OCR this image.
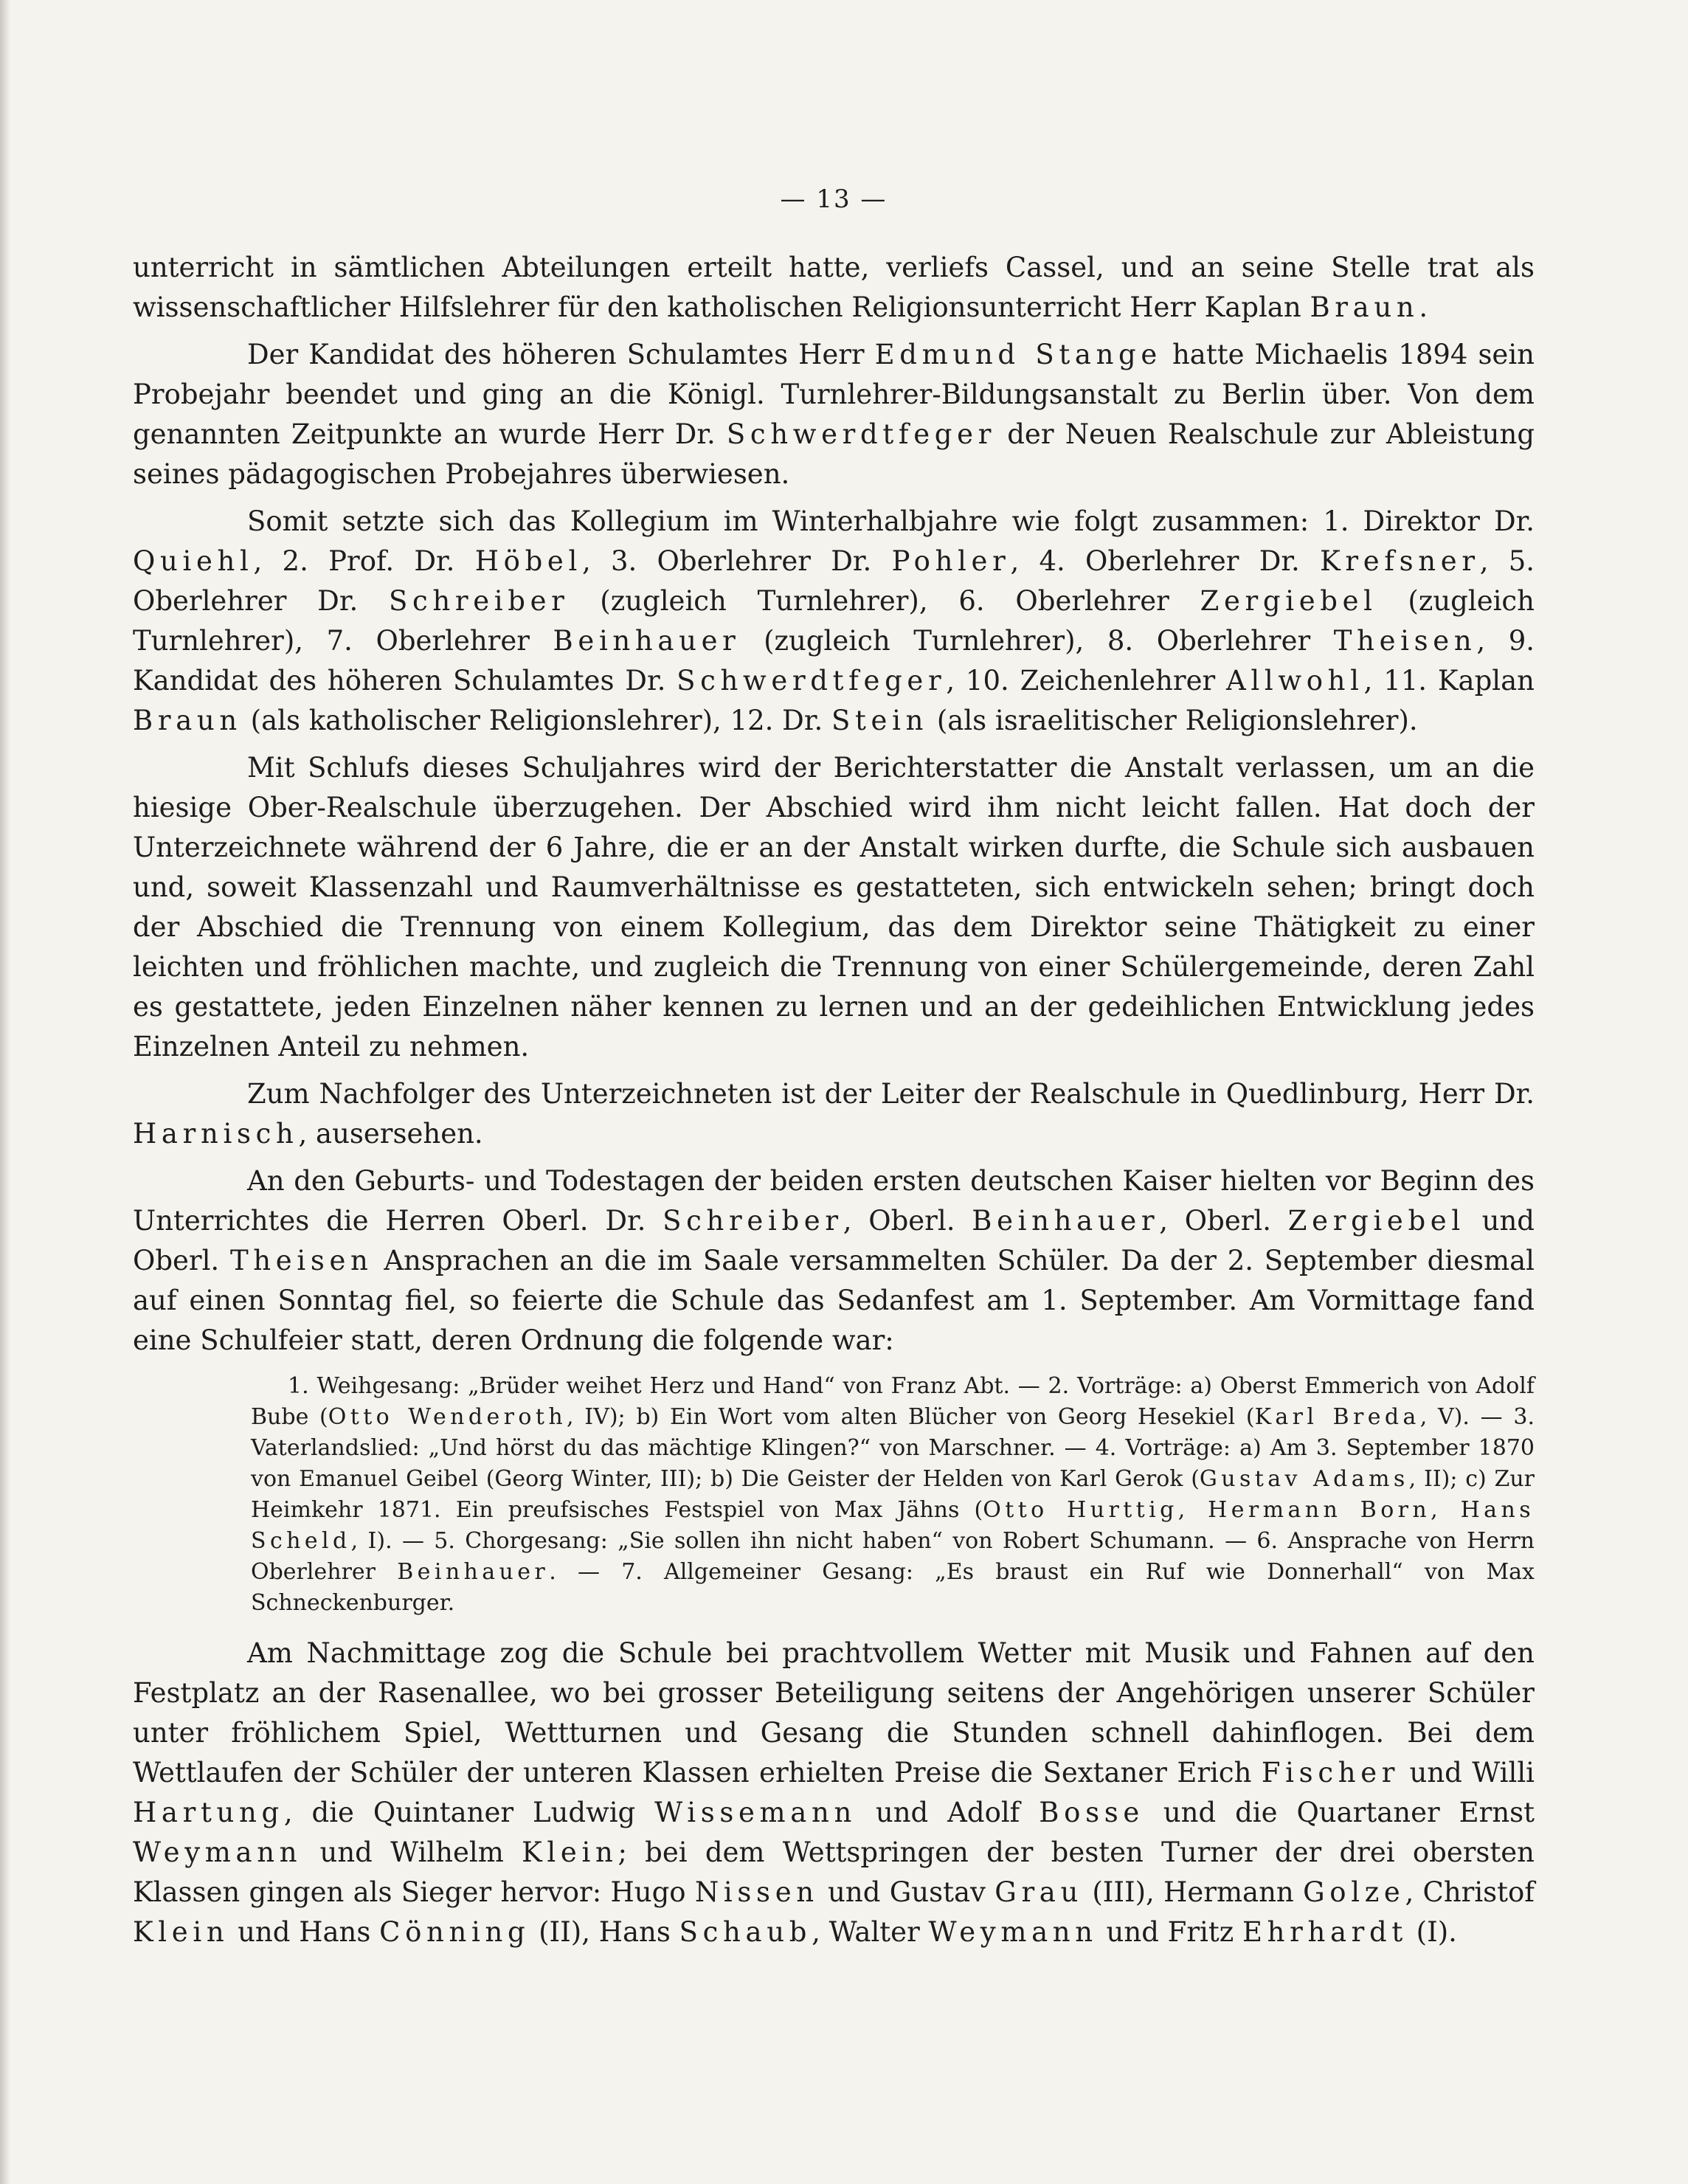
— 13 —

unterricht in sämtlichen Abteilungen erteilt hatte, verliefs Cassel, und an seine Stelle trat als wissenschaftlicher Hilfslehrer für den katholischen Religionsunterricht Herr Kaplan Braun.

Der Kandidat des höheren Schulamtes Herr Edmund Stange hatte Michaelis 1894 sein Probejahr beendet und ging an die Königl. Turnlehrer-Bildungsanstalt zu Berlin über. Von dem genannten Zeitpunkte an wurde Herr Dr. Schwerdtfeger der Neuen Realschule zur Ableistung seines pädagogischen Probejahres überwiesen.

Somit setzte sich das Kollegium im Winterhalbjahre wie folgt zusammen: 1. Direktor Dr. Quiehl, 2. Prof. Dr. Höbel, 3. Oberlehrer Dr. Pohler, 4. Oberlehrer Dr. Krefsner, 5. Oberlehrer Dr. Schreiber (zugleich Turnlehrer), 6. Oberlehrer Zergiebel (zugleich Turnlehrer), 7. Oberlehrer Beinhauer (zugleich Turnlehrer), 8. Oberlehrer Theisen, 9. Kandidat des höheren Schulamtes Dr. Schwerdtfeger, 10. Zeichenlehrer Allwohl, 11. Kaplan Braun (als katholischer Religionslehrer), 12. Dr. Stein (als israelitischer Religionslehrer).

Mit Schlufs dieses Schuljahres wird der Berichterstatter die Anstalt verlassen, um an die hiesige Ober-Realschule überzugehen. Der Abschied wird ihm nicht leicht fallen. Hat doch der Unterzeichnete während der 6 Jahre, die er an der Anstalt wirken durfte, die Schule sich ausbauen und, soweit Klassenzahl und Raumverhältnisse es gestatteten, sich entwickeln sehen; bringt doch der Abschied die Trennung von einem Kollegium, das dem Direktor seine Thätigkeit zu einer leichten und fröhlichen machte, und zugleich die Trennung von einer Schülergemeinde, deren Zahl es gestattete, jeden Einzelnen näher kennen zu lernen und an der gedeihlichen Entwicklung jedes Einzelnen Anteil zu nehmen.

Zum Nachfolger des Unterzeichneten ist der Leiter der Realschule in Quedlinburg, Herr Dr. Harnisch, ausersehen.

An den Geburts- und Todestagen der beiden ersten deutschen Kaiser hielten vor Beginn des Unterrichtes die Herren Oberl. Dr. Schreiber, Oberl. Beinhauer, Oberl. Zergiebel und Oberl. Theisen Ansprachen an die im Saale versammelten Schüler. Da der 2. September diesmal auf einen Sonntag fiel, so feierte die Schule das Sedanfest am 1. September. Am Vormittage fand eine Schulfeier statt, deren Ordnung die folgende war:

1. Weihgesang: „Brüder weihet Herz und Hand“ von Franz Abt. — 2. Vorträge: a) Oberst Emmerich von Adolf Bube (Otto Wenderoth, IV); b) Ein Wort vom alten Blücher von Georg Hesekiel (Karl Breda, V). — 3. Vaterlandslied: „Und hörst du das mächtige Klingen?“ von Marschner. — 4. Vorträge: a) Am 3. September 1870 von Emanuel Geibel (Georg Winter, III); b) Die Geister der Helden von Karl Gerok (Gustav Adams, II); c) Zur Heimkehr 1871. Ein preufsisches Festspiel von Max Jähns (Otto Hurttig, Hermann Born, Hans Scheld, I). — 5. Chorgesang: „Sie sollen ihn nicht haben“ von Robert Schumann. — 6. Ansprache von Herrn Oberlehrer Beinhauer. — 7. Allgemeiner Gesang: „Es braust ein Ruf wie Donnerhall“ von Max Schneckenburger.

Am Nachmittage zog die Schule bei prachtvollem Wetter mit Musik und Fahnen auf den Festplatz an der Rasenallee, wo bei grosser Beteiligung seitens der Angehörigen unserer Schüler unter fröhlichem Spiel, Wettturnen und Gesang die Stunden schnell dahinflogen. Bei dem Wettlaufen der Schüler der unteren Klassen erhielten Preise die Sextaner Erich Fischer und Willi Hartung, die Quintaner Ludwig Wissemann und Adolf Bosse und die Quartaner Ernst Weymann und Wilhelm Klein; bei dem Wettspringen der besten Turner der drei obersten Klassen gingen als Sieger hervor: Hugo Nissen und Gustav Grau (III), Hermann Golze, Christof Klein und Hans Cönning (II), Hans Schaub, Walter Weymann und Fritz Ehrhardt (I).
